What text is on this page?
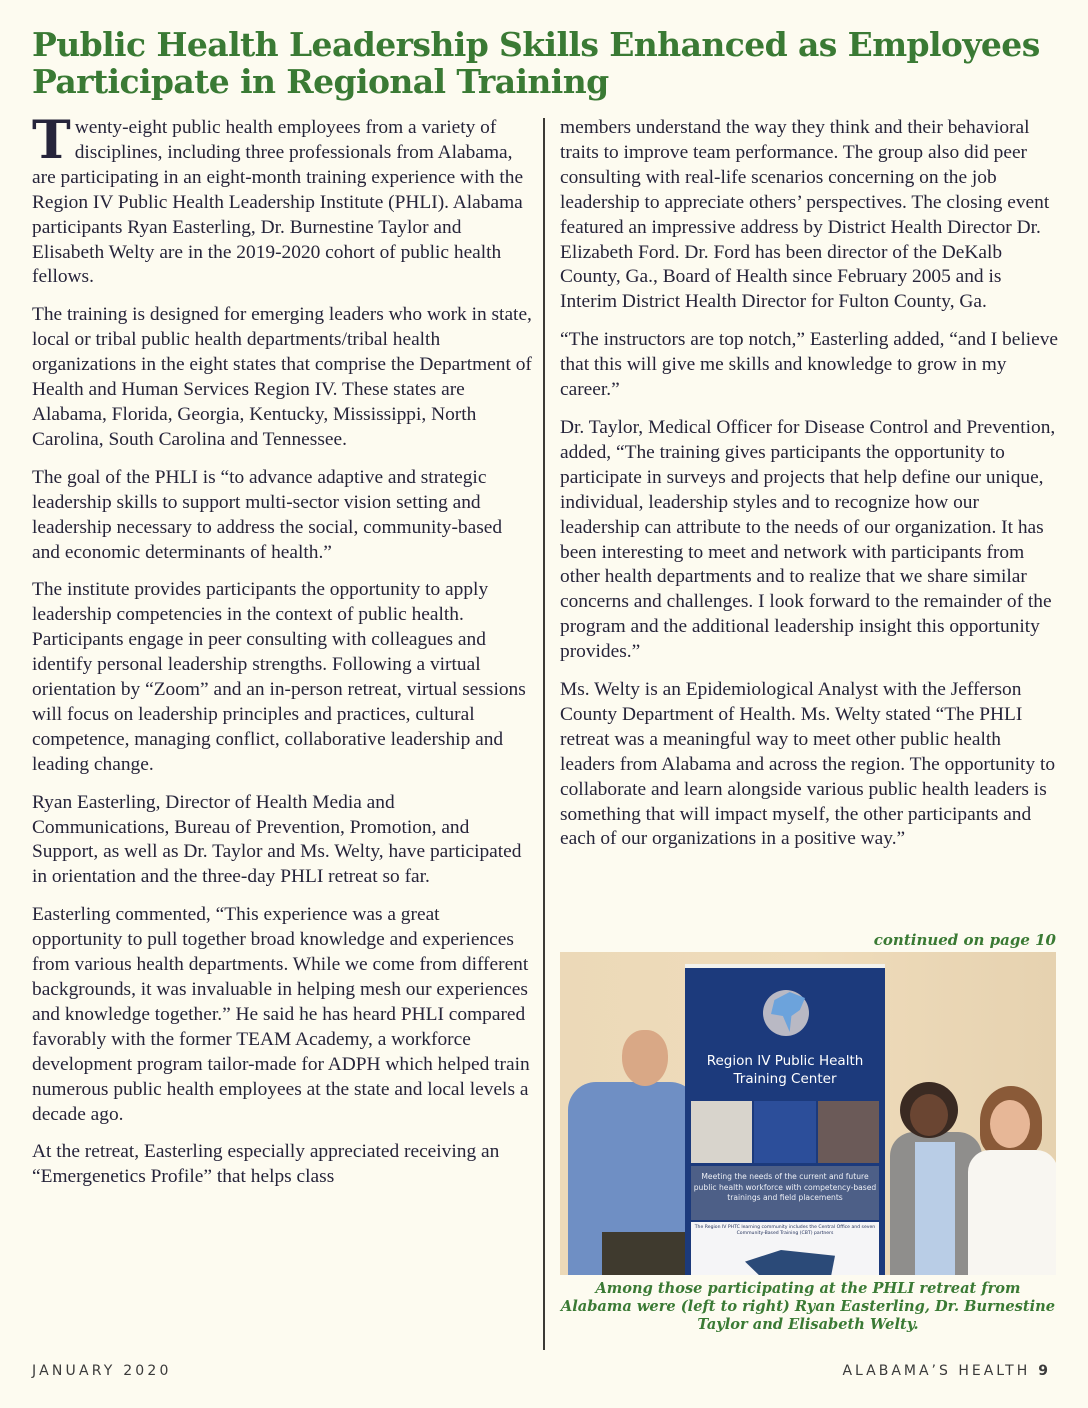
Public Health Leadership Skills Enhanced as Employees Participate in Regional Training

Twenty-eight public health employees from a variety of disciplines, including three professionals from Alabama, are participating in an eight-month training experience with the Region IV Public Health Leadership Institute (PHLI). Alabama participants Ryan Easterling, Dr. Burnestine Taylor and Elisabeth Welty are in the 2019-2020 cohort of public health fellows.

The training is designed for emerging leaders who work in state, local or tribal public health departments/tribal health organizations in the eight states that comprise the Department of Health and Human Services Region IV. These states are Alabama, Florida, Georgia, Kentucky, Mississippi, North Carolina, South Carolina and Tennessee.

The goal of the PHLI is “to advance adaptive and strategic leadership skills to support multi-sector vision setting and leadership necessary to address the social, community-based and economic determinants of health.”

The institute provides participants the opportunity to apply leadership competencies in the context of public health. Participants engage in peer consulting with colleagues and identify personal leadership strengths. Following a virtual orientation by “Zoom” and an in-person retreat, virtual sessions will focus on leadership principles and practices, cultural competence, managing conflict, collaborative leadership and leading change.

Ryan Easterling, Director of Health Media and Communications, Bureau of Prevention, Promotion, and Support, as well as Dr. Taylor and Ms. Welty, have participated in orientation and the three-day PHLI retreat so far.

Easterling commented, “This experience was a great opportunity to pull together broad knowledge and experiences from various health departments. While we come from different backgrounds, it was invaluable in helping mesh our experiences and knowledge together.” He said he has heard PHLI compared favorably with the former TEAM Academy, a workforce development program tailor-made for ADPH which helped train numerous public health employees at the state and local levels a decade ago.

At the retreat, Easterling especially appreciated receiving an “Emergenetics Profile” that helps class

members understand the way they think and their behavioral traits to improve team performance. The group also did peer consulting with real-life scenarios concerning on the job leadership to appreciate others’ perspectives. The closing event featured an impressive address by District Health Director Dr. Elizabeth Ford. Dr. Ford has been director of the DeKalb County, Ga., Board of Health since February 2005 and is Interim District Health Director for Fulton County, Ga.

“The instructors are top notch,” Easterling added, “and I believe that this will give me skills and knowledge to grow in my career.”

Dr. Taylor, Medical Officer for Disease Control and Prevention, added, “The training gives participants the opportunity to participate in surveys and projects that help define our unique, individual, leadership styles and to recognize how our leadership can attribute to the needs of our organization. It has been interesting to meet and network with participants from other health departments and to realize that we share similar concerns and challenges. I look forward to the remainder of the program and the additional leadership insight this opportunity provides.”

Ms. Welty is an Epidemiological Analyst with the Jefferson County Department of Health. Ms. Welty stated “The PHLI retreat was a meaningful way to meet other public health leaders from Alabama and across the region. The opportunity to collaborate and learn alongside various public health leaders is something that will impact myself, the other participants and each of our organizations in a positive way.”

continued on page 10
Region IV Public Health Training Center
Meeting the needs of the current and future public health workforce with competency-based trainings and field placements
The Region IV PHTC learning community includes the Central Office and seven Community-Based Training (CBT) partners
Among those participating at the PHLI retreat from Alabama were (left to right) Ryan Easterling, Dr. Burnestine Taylor and Elisabeth Welty.
JANUARY 2020	ALABAMA’S HEALTH 9
